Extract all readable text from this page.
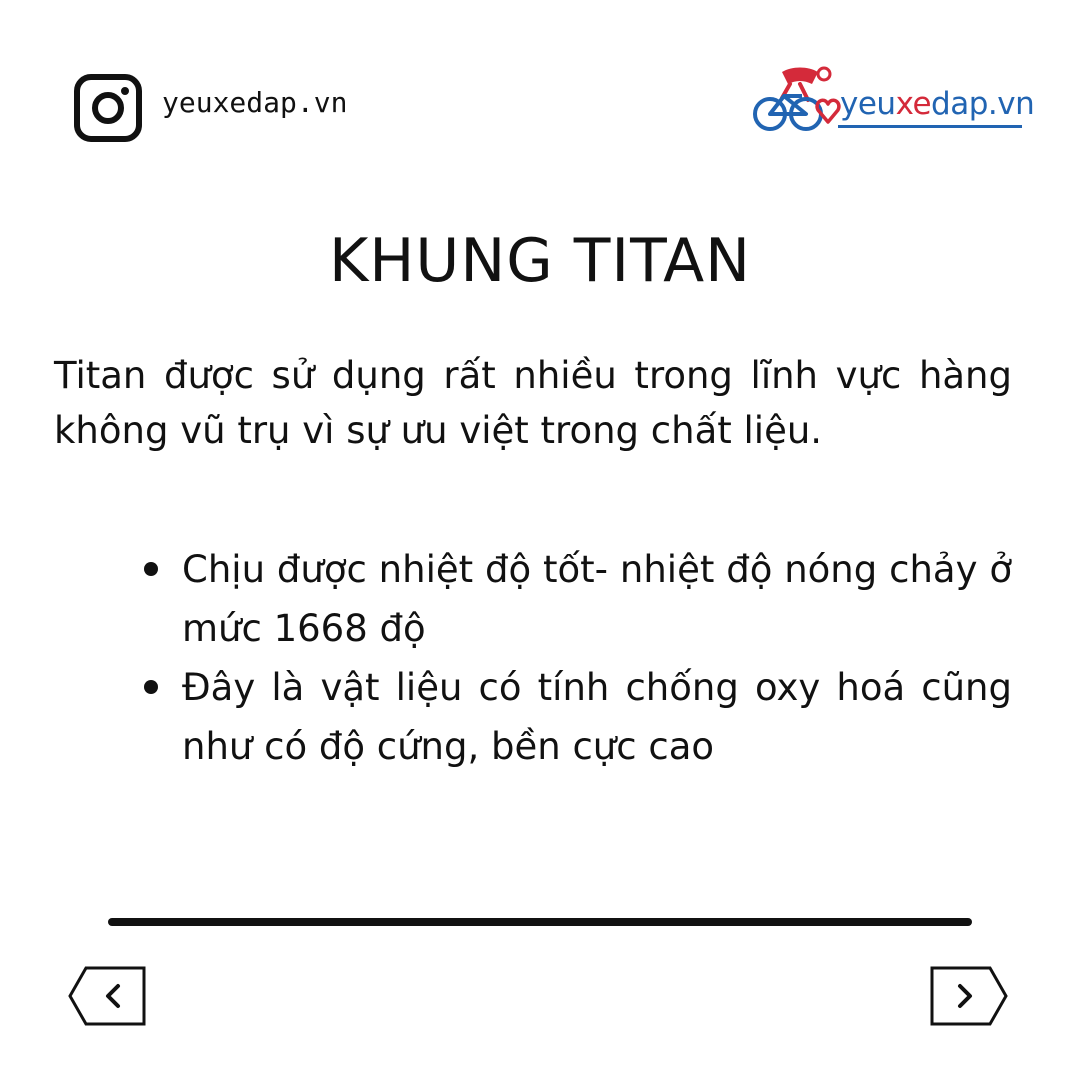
yeuxedap.vn	yeuxedap.vn
KHUNG TITAN
Titan được sử dụng rất nhiều trong lĩnh vực hàng không vũ trụ vì sự ưu việt trong chất liệu.
Chịu được nhiệt độ tốt- nhiệt độ nóng chảy ở mức 1668 độ
Đây là vật liệu có tính chống oxy hoá cũng như có độ cứng, bền cực cao
